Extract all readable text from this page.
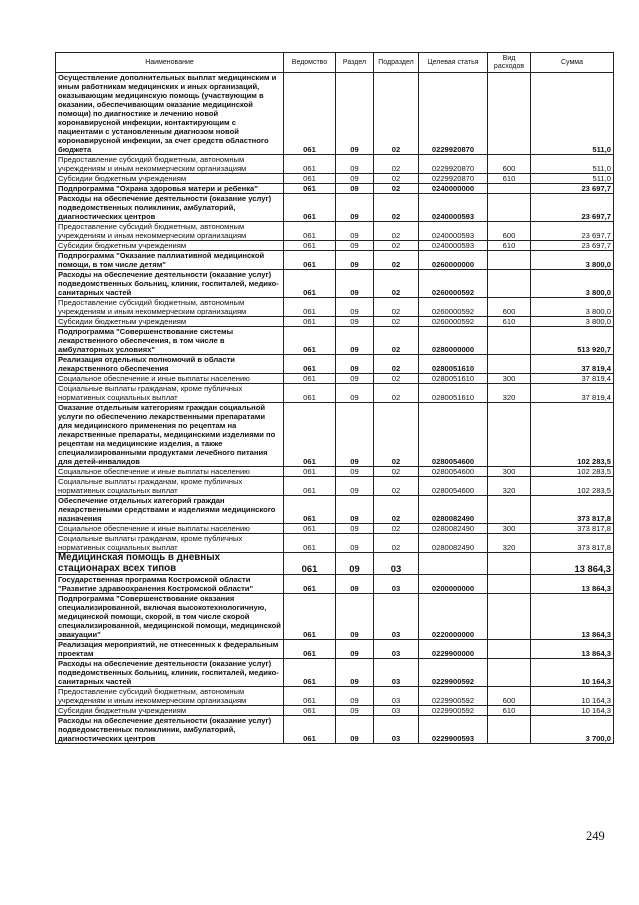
Наименование	Ведомство	Раздел	Подраздел	Целевая статья	Вид расходов	Сумма
Осуществление дополнительных выплат медицинским и иным работникам медицинских и иных организаций, оказывающим медицинскую помощь (участвующим в оказании, обеспечивающим оказание медицинской помощи) по диагностике и лечению новой коронавирусной инфекции, контактирующим с пациентами с установленным диагнозом новой коронавирусной инфекции, за счет средств областного бюджета	061	09	02	0229920870		511,0
Предоставление субсидий бюджетным, автономным учреждениям и иным некоммерческим организациям	061	09	02	0229920870	600	511,0
Субсидии бюджетным учреждениям	061	09	02	0229920870	610	511,0
Подпрограмма "Охрана здоровья матери и ребенка"	061	09	02	0240000000		23 697,7
Расходы на обеспечение деятельности (оказание услуг) подведомственных поликлиник, амбулаторий, диагностических центров	061	09	02	0240000593		23 697,7
Предоставление субсидий бюджетным, автономным учреждениям и иным некоммерческим организациям	061	09	02	0240000593	600	23 697,7
Субсидии бюджетным учреждениям	061	09	02	0240000593	610	23 697,7
Подпрограмма "Оказание паллиативной медицинской помощи, в том числе детям"	061	09	02	0260000000		3 800,0
Расходы на обеспечение деятельности (оказание услуг) подведомственных больниц, клиник, госпиталей, медико-санитарных частей	061	09	02	0260000592		3 800,0
Предоставление субсидий бюджетным, автономным учреждениям и иным некоммерческим организациям	061	09	02	0260000592	600	3 800,0
Субсидии бюджетным учреждениям	061	09	02	0260000592	610	3 800,0
Подпрограмма "Совершенствование системы лекарственного обеспечения, в том числе в амбулаторных условиях"	061	09	02	0280000000		513 920,7
Реализация отдельных полномочий в области лекарственного обеспечения	061	09	02	0280051610		37 819,4
Социальное обеспечение и иные выплаты населению	061	09	02	0280051610	300	37 819,4
Социальные выплаты гражданам, кроме публичных нормативных социальных выплат	061	09	02	0280051610	320	37 819,4
Оказание отдельным категориям граждан социальной услуги по обеспечению лекарственными препаратами для медицинского применения по рецептам на лекарственные препараты, медицинскими изделиями по рецептам на медицинские изделия, а также специализированными продуктами лечебного питания для детей-инвалидов	061	09	02	0280054600		102 283,5
Социальное обеспечение и иные выплаты населению	061	09	02	0280054600	300	102 283,5
Социальные выплаты гражданам, кроме публичных нормативных социальных выплат	061	09	02	0280054600	320	102 283,5
Обеспечение отдельных категорий граждан лекарственными средствами и изделиями медицинского назначения	061	09	02	0280082490		373 817,8
Социальное обеспечение и иные выплаты населению	061	09	02	0280082490	300	373 817,8
Социальные выплаты гражданам, кроме публичных нормативных социальных выплат	061	09	02	0280082490	320	373 817,8
Медицинская помощь в дневных стационарах всех типов	061	09	03			13 864,3
Государственная программа Костромской области "Развитие здравоохранения Костромской области"	061	09	03	0200000000		13 864,3
Подпрограмма "Совершенствование оказания специализированной, включая высокотехнологичную, медицинской помощи, скорой, в том числе скорой специализированной, медицинской помощи, медицинской эвакуации"	061	09	03	0220000000		13 864,3
Реализация мероприятий, не отнесенных к федеральным проектам	061	09	03	0229900000		13 864,3
Расходы на обеспечение деятельности (оказание услуг) подведомственных больниц, клиник, госпиталей, медико-санитарных частей	061	09	03	0229900592		10 164,3
Предоставление субсидий бюджетным, автономным учреждениям и иным некоммерческим организациям	061	09	03	0229900592	600	10 164,3
Субсидии бюджетным учреждениям	061	09	03	0229900592	610	10 164,3
Расходы на обеспечение деятельности (оказание услуг) подведомственных поликлиник, амбулаторий, диагностических центров	061	09	03	0229900593		3 700,0
249
